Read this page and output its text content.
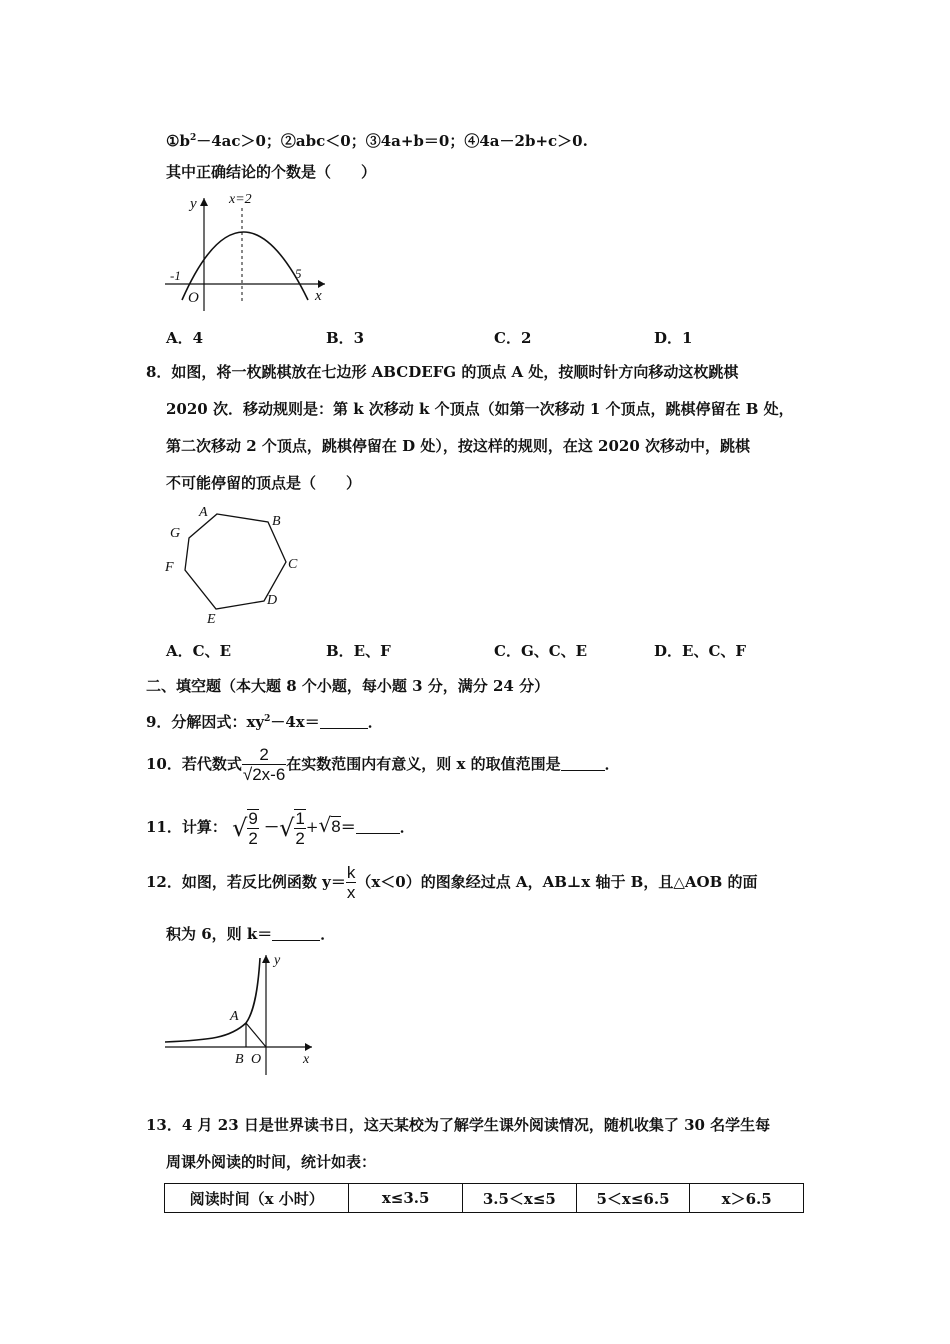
$①b^2-4ac>0$；②abc＜0；③4a+b＝0；④4a－2b+c＞0.
其中正确结论的个数是（　　）
y
x
x=2
-1	5
O
A．4	B．3	C．2	D．1
8．如图，将一枚跳棋放在七边形 ABCDEFG 的顶点 A 处，按顺时针方向移动这枚跳棋
2020 次．移动规则是：第 k 次移动 k 个顶点（如第一次移动 1 个顶点，跳棋停留在 B 处，
第二次移动 2 个顶点，跳棋停留在 D 处），按这样的规则，在这 2020 次移动中，跳棋
不可能停留的顶点是（　　）
A
B
C
D
E
F
G
A．C、E	B．E、F	C．G、C、E	D．E、C、F
二、填空题（本大题 8 个小题，每小题 3 分，满分 24 分）
9．分解因式：$xy^2-4x=$	．
10．若代数式 $\frac{2}{√2x-6}$ 在实数范围内有意义，则 x 的取值范围是	．
11．计算： √ $\frac{9}{2}$ －√ $\frac{1}{2} +√8=$	．
12．如图，若反比例函数 $y= \frac{k}{x} (x<0)$的图象经过点 A，AB⊥x 轴于 B，且△AOB 的面
积为 6，则 k＝	．
y
x
A
B O
13．4 月 23 日是世界读书日，这天某校为了解学生课外阅读情况，随机收集了 30 名学生每
周课外阅读的时间，统计如表：
阅读时间（x 小时）	x≤3.5	3.5＜x≤5	5＜x≤6.5	x＞6.5
